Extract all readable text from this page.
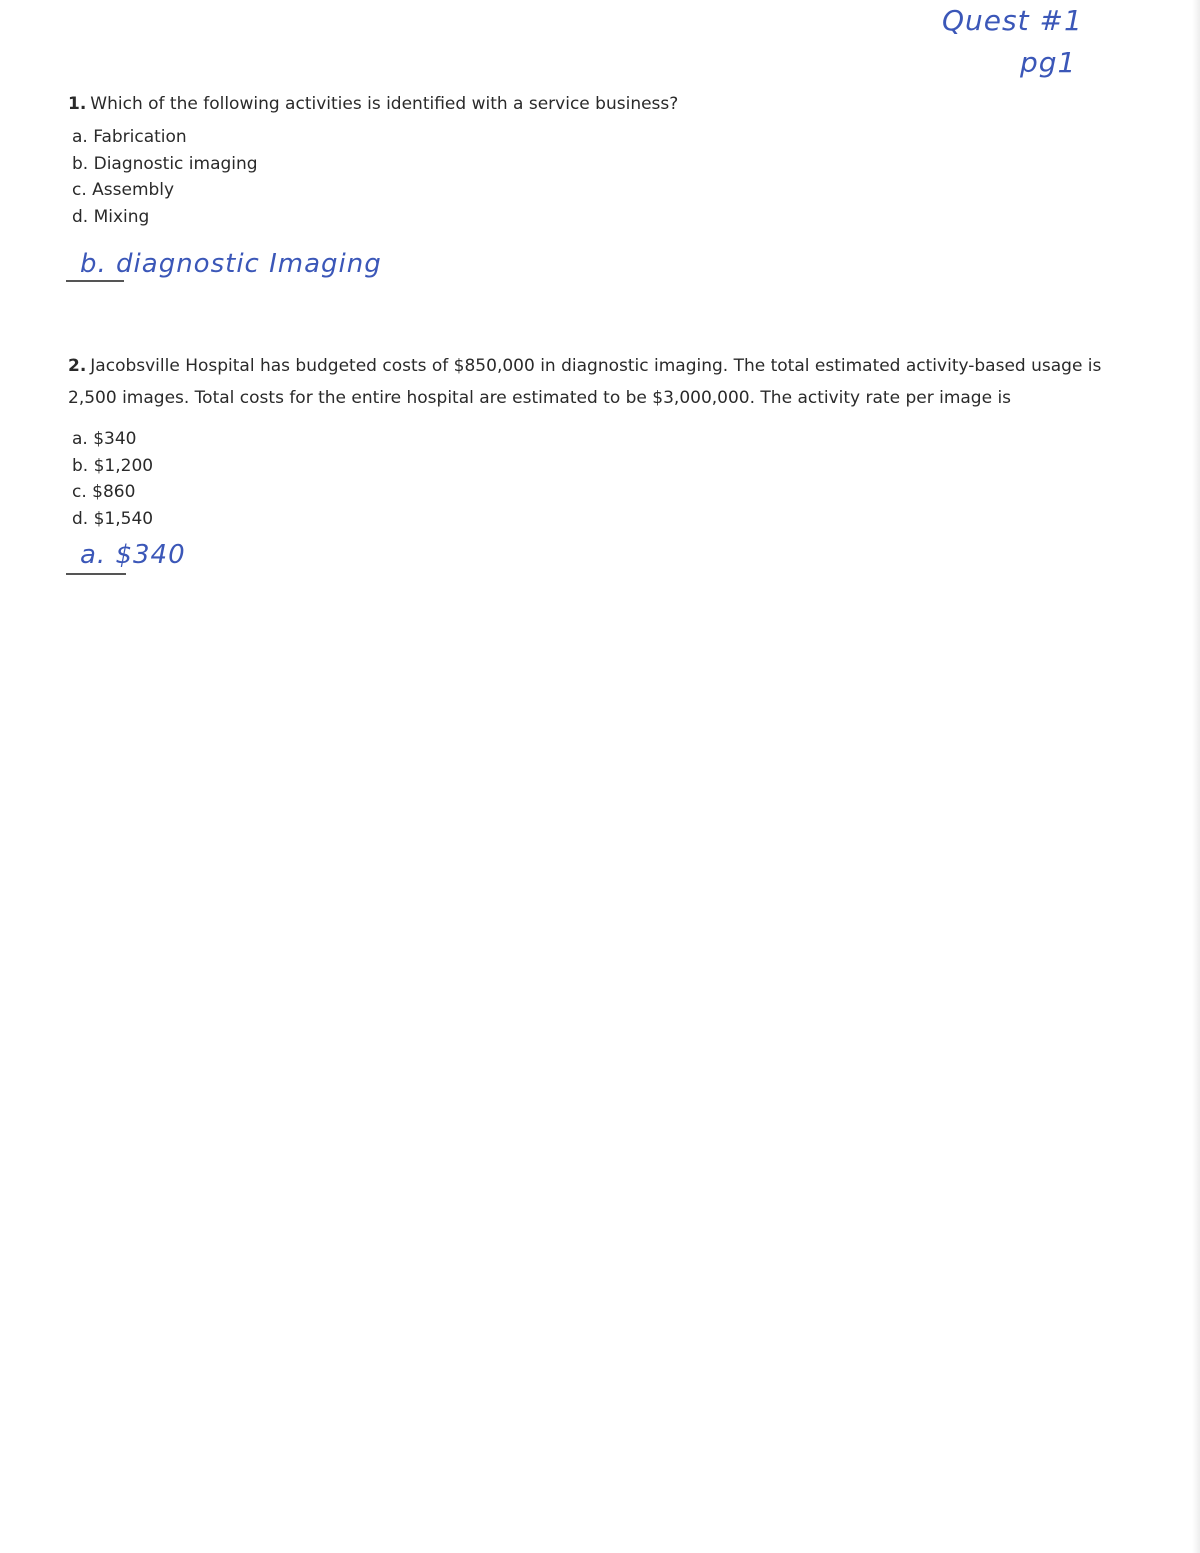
Quest #1
pg1

1. Which of the following activities is identified with a service business?

a. Fabrication
b. Diagnostic imaging
c. Assembly
d. Mixing
b. diagnostic Imaging

2. Jacobsville Hospital has budgeted costs of $850,000 in diagnostic imaging. The total estimated activity-based usage is 2,500 images. Total costs for the entire hospital are estimated to be $3,000,000. The activity rate per image is

a. $340
b. $1,200
c. $860
d. $1,540
a. $340
